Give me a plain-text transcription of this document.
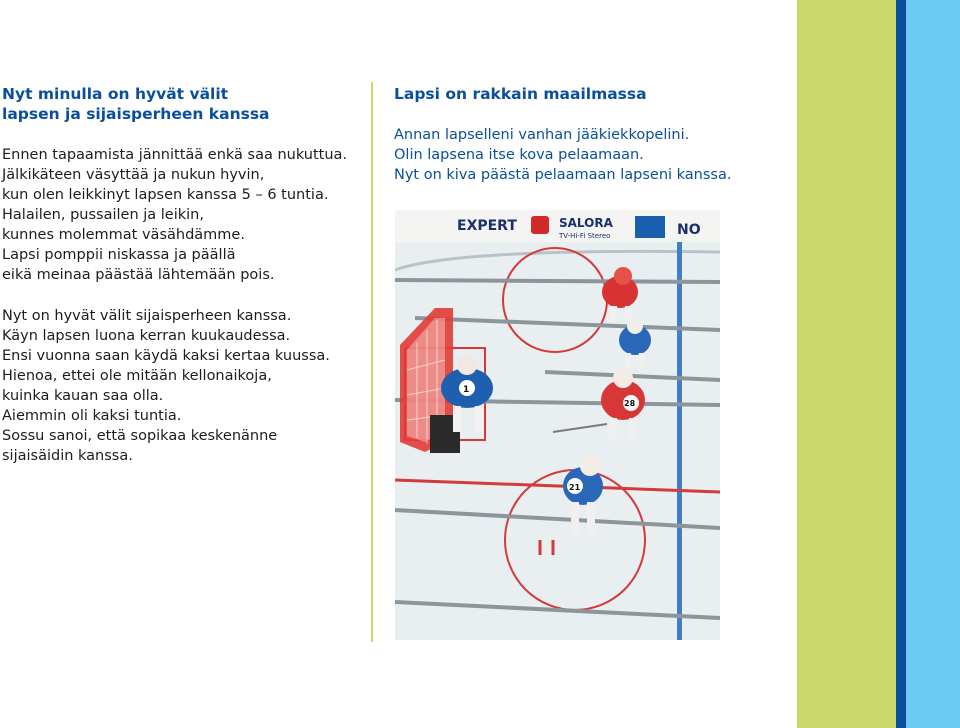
Nyt minulla on hyvät välit
lapsen ja sijaisperheen kanssa

Ennen tapaamista jännittää enkä saa nukuttua.
Jälkikäteen väsyttää ja nukun hyvin,
kun olen leikkinyt lapsen kanssa 5 – 6 tuntia.
Halailen, pussailen ja leikin,
kunnes molemmat väsähdämme.
Lapsi pomppii niskassa ja päällä
eikä meinaa päästää lähtemään pois.

Nyt on hyvät välit sijaisperheen kanssa.
Käyn lapsen luona kerran kuukaudessa.
Ensi vuonna saan käydä kaksi kertaa kuussa.
Hienoa, ettei ole mitään kellonaikoja,
kuinka kauan saa olla.
Aiemmin oli kaksi tuntia.
Sossu sanoi, että sopikaa keskenänne
sijaisäidin kanssa.

Lapsi on rakkain maailmassa

Annan lapselleni vanhan jääkiekkopelini.
Olin lapsena itse kova pelaamaan.
Nyt on kiva päästä pelaamaan lapseni kanssa.

EXPERT	SALORA
TV-Hi-Fi Stereo	NO
1
28
21
